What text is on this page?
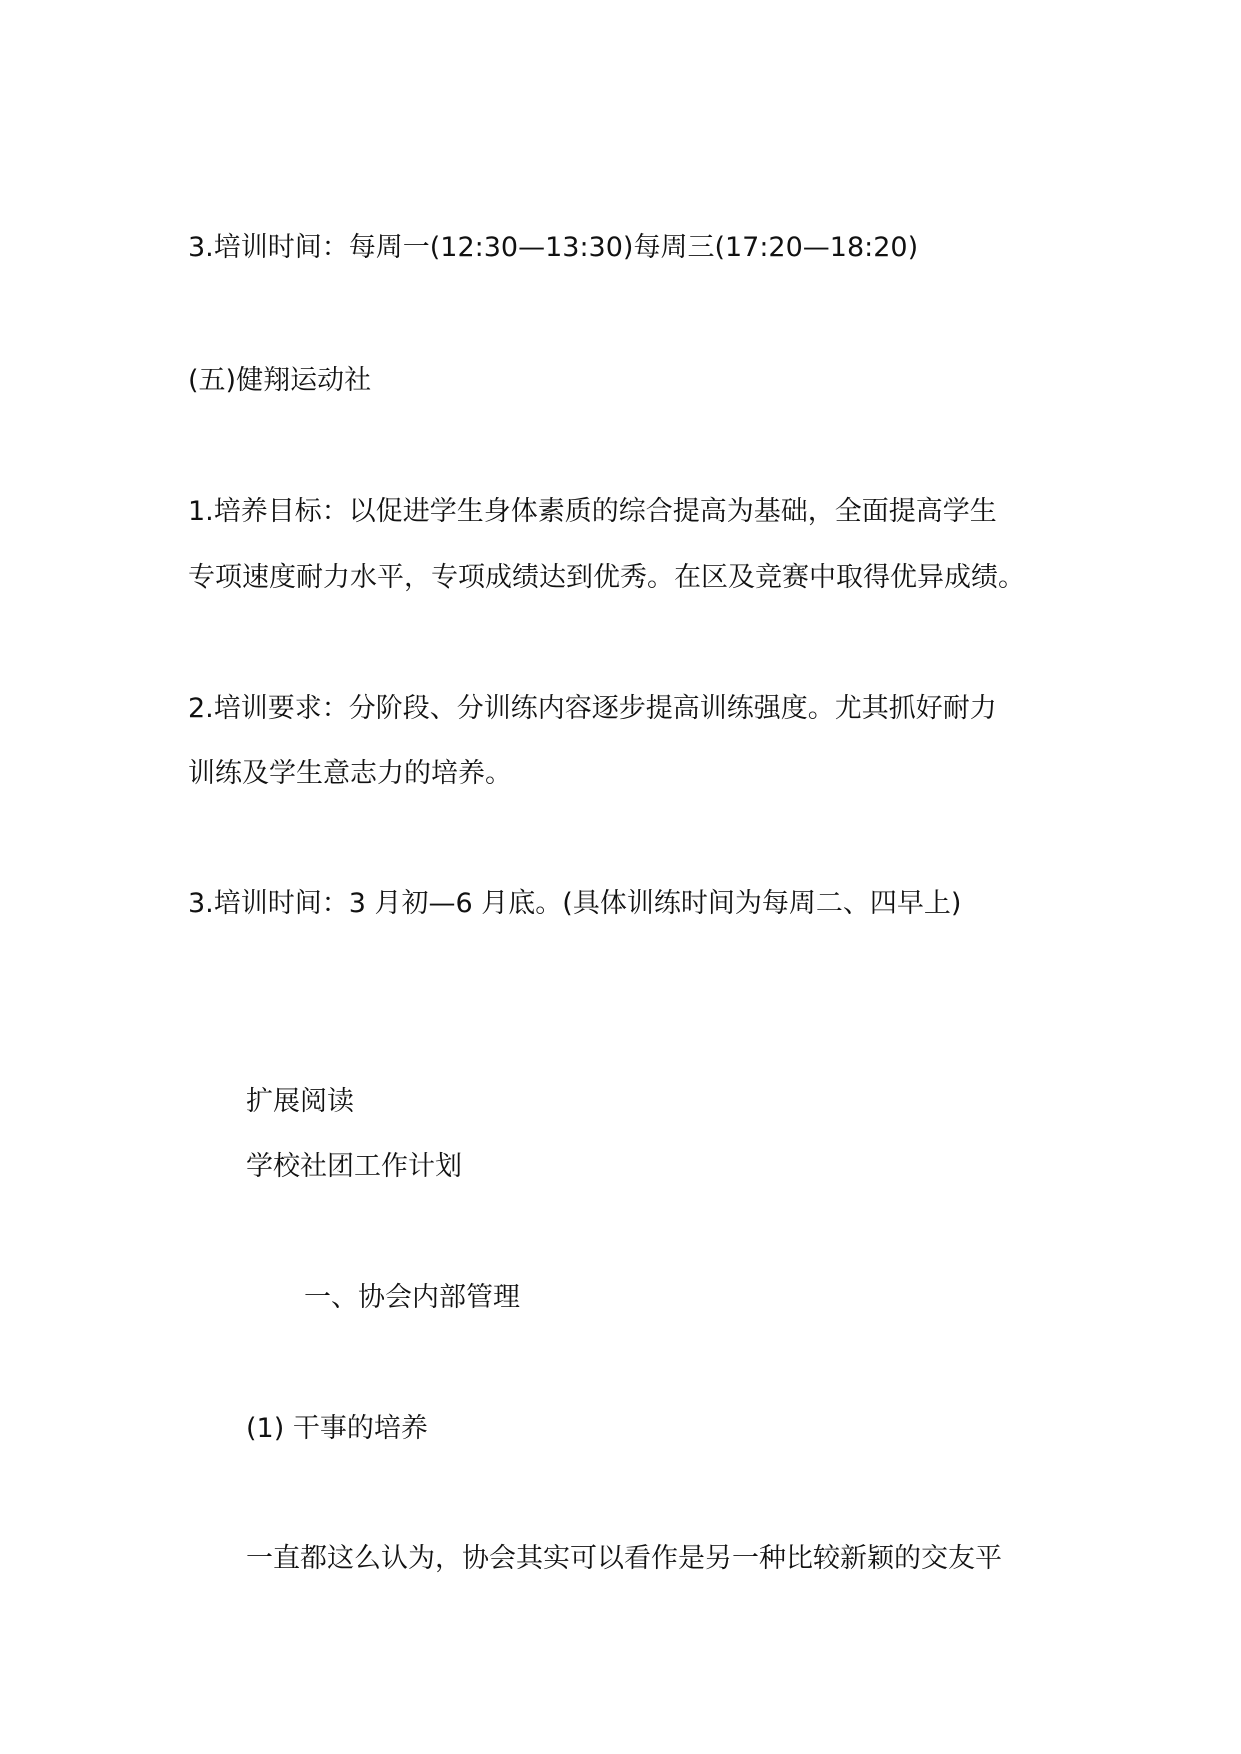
3.培训时间：每周一(12:30—13:30)每周三(17:20—18:20)
(五)健翔运动社
1.培养目标：以促进学生身体素质的综合提高为基础，全面提高学生
专项速度耐力水平，专项成绩达到优秀。在区及竞赛中取得优异成绩。
2.培训要求：分阶段、分训练内容逐步提高训练强度。尤其抓好耐力
训练及学生意志力的培养。
3.培训时间：3 月初—6 月底。(具体训练时间为每周二、四早上)
扩展阅读
学校社团工作计划
一、协会内部管理
(1) 干事的培养
一直都这么认为，协会其实可以看作是另一种比较新颖的交友平
